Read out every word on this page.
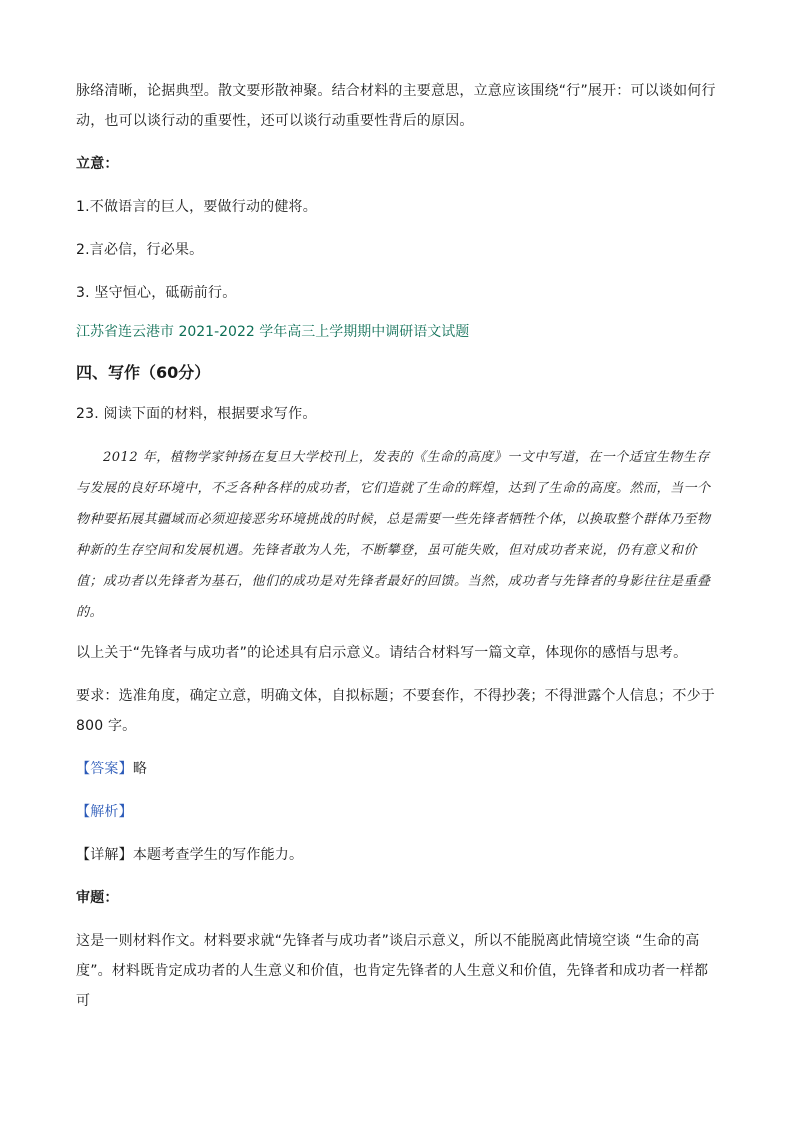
脉络清晰，论据典型。散文要形散神聚。结合材料的主要意思，立意应该围绕“行”展开：可以谈如何行动，也可以谈行动的重要性，还可以谈行动重要性背后的原因。

立意：

1.不做语言的巨人，要做行动的健将。

2.言必信，行必果。

3. 坚守恒心，砥砺前行。

江苏省连云港市 2021-2022 学年高三上学期期中调研语文试题

四、写作（60分）

23. 阅读下面的材料，根据要求写作。

2012 年，植物学家钟扬在复旦大学校刊上，发表的《生命的高度》一文中写道，在一个适宜生物生存与发展的良好环境中，不乏各种各样的成功者，它们造就了生命的辉煌，达到了生命的高度。然而，当一个物种要拓展其疆域而必须迎接恶劣环境挑战的时候，总是需要一些先锋者牺牲个体，以换取整个群体乃至物种新的生存空间和发展机遇。先锋者敢为人先，不断攀登，虽可能失败，但对成功者来说，仍有意义和价值；成功者以先锋者为基石，他们的成功是对先锋者最好的回馈。当然，成功者与先锋者的身影往往是重叠的。

以上关于“先锋者与成功者”的论述具有启示意义。请结合材料写一篇文章，体现你的感悟与思考。

要求：选准角度，确定立意，明确文体，自拟标题；不要套作，不得抄袭；不得泄露个人信息；不少于 800 字。

【答案】略

【解析】

【详解】本题考查学生的写作能力。

审题：

这是一则材料作文。材料要求就“先锋者与成功者”谈启示意义，所以不能脱离此情境空谈 “生命的高度”。材料既肯定成功者的人生意义和价值，也肯定先锋者的人生意义和价值，先锋者和成功者一样都可
